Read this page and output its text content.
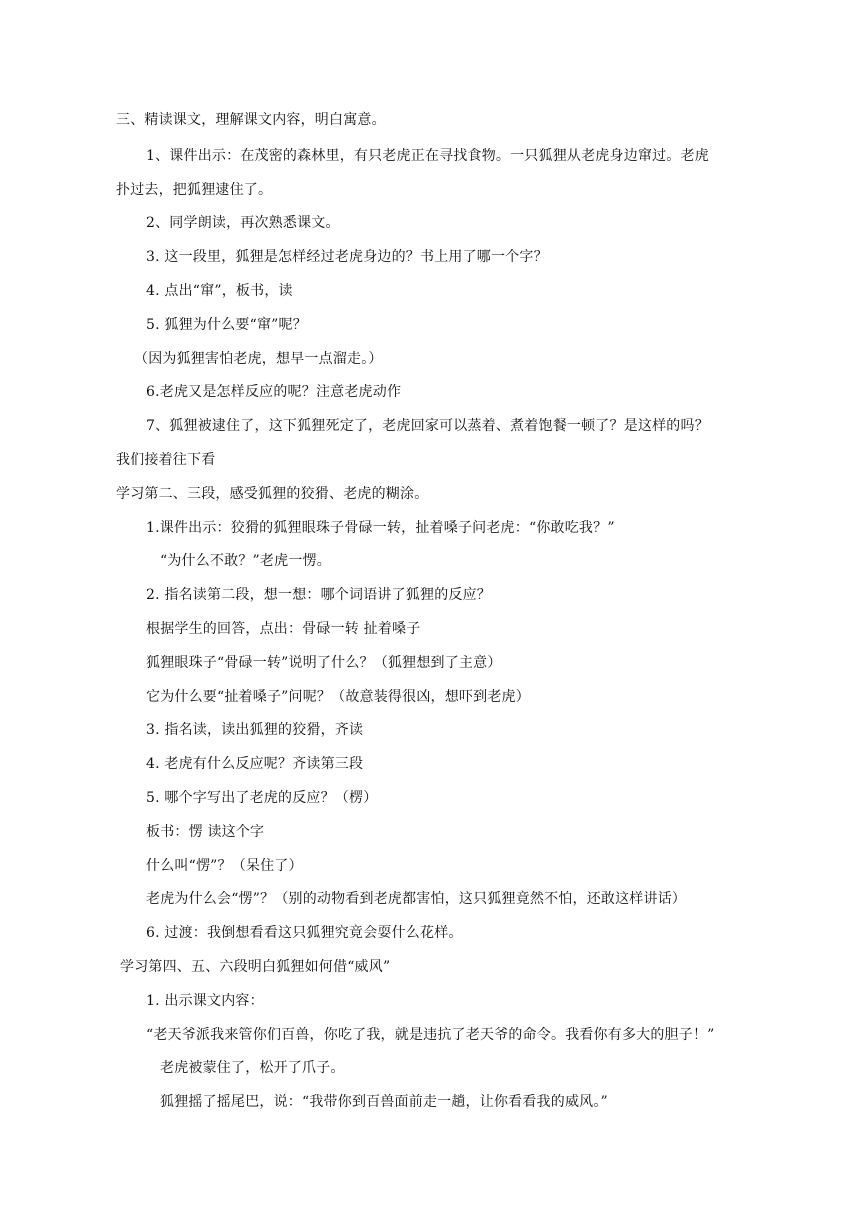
三、精读课文，理解课文内容，明白寓意。
1、课件出示：在茂密的森林里，有只老虎正在寻找食物。一只狐狸从老虎身边窜过。老虎
扑过去，把狐狸逮住了。
2、同学朗读，再次熟悉课文。
3. 这一段里，狐狸是怎样经过老虎身边的？书上用了哪一个字？
4. 点出“窜”，板书，读
5. 狐狸为什么要“窜”呢？
（因为狐狸害怕老虎，想早一点溜走。）
6.老虎又是怎样反应的呢？注意老虎动作
7、狐狸被逮住了，这下狐狸死定了，老虎回家可以蒸着、煮着饱餐一顿了？是这样的吗？
我们接着往下看
学习第二、三段，感受狐狸的狡猾、老虎的糊涂。
1.课件出示：狡猾的狐狸眼珠子骨碌一转，扯着嗓子问老虎：“你敢吃我？”
“为什么不敢？”老虎一愣。
2. 指名读第二段，想一想：哪个词语讲了狐狸的反应？
根据学生的回答，点出：骨碌一转 扯着嗓子
狐狸眼珠子“骨碌一转”说明了什么？（狐狸想到了主意）
它为什么要“扯着嗓子”问呢？（故意装得很凶，想吓到老虎）
3. 指名读，读出狐狸的狡猾，齐读
4. 老虎有什么反应呢？齐读第三段
5. 哪个字写出了老虎的反应？（楞）
板书：愣 读这个字
什么叫“愣”？（呆住了）
老虎为什么会“愣”？（别的动物看到老虎都害怕，这只狐狸竟然不怕，还敢这样讲话）
6. 过渡：我倒想看看这只狐狸究竟会耍什么花样。
学习第四、五、六段明白狐狸如何借“威风”
1. 出示课文内容：
“老天爷派我来管你们百兽，你吃了我，就是违抗了老天爷的命令。我看你有多大的胆子！”
老虎被蒙住了，松开了爪子。
狐狸摇了摇尾巴，说：“我带你到百兽面前走一趟，让你看看我的威风。”
